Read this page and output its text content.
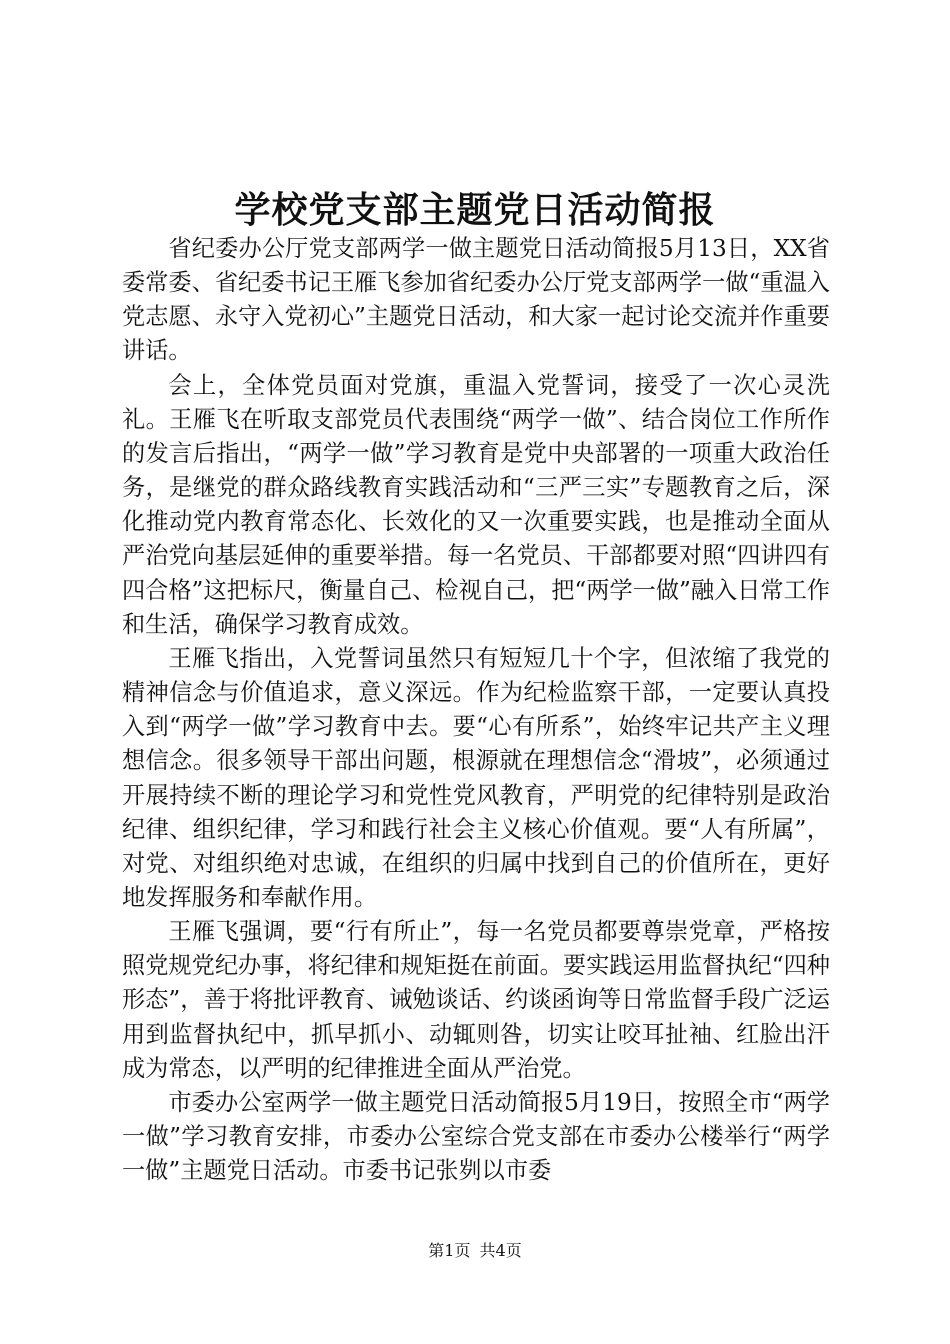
学校党支部主题党日活动简报

省纪委办公厅党支部两学一做主题党日活动简报5月13日，XX省委常委、省纪委书记王雁飞参加省纪委办公厅党支部两学一做“重温入党志愿、永守入党初心”主题党日活动，和大家一起讨论交流并作重要讲话。

会上，全体党员面对党旗，重温入党誓词，接受了一次心灵洗礼。王雁飞在听取支部党员代表围绕“两学一做”、结合岗位工作所作的发言后指出，“两学一做”学习教育是党中央部署的一项重大政治任务，是继党的群众路线教育实践活动和“三严三实”专题教育之后，深化推动党内教育常态化、长效化的又一次重要实践，也是推动全面从严治党向基层延伸的重要举措。每一名党员、干部都要对照“四讲四有四合格”这把标尺，衡量自己、检视自己，把“两学一做”融入日常工作和生活，确保学习教育成效。

王雁飞指出，入党誓词虽然只有短短几十个字，但浓缩了我党的精神信念与价值追求，意义深远。作为纪检监察干部，一定要认真投入到“两学一做”学习教育中去。要“心有所系”，始终牢记共产主义理想信念。很多领导干部出问题，根源就在理想信念“滑坡”，必须通过开展持续不断的理论学习和党性党风教育，严明党的纪律特别是政治纪律、组织纪律，学习和践行社会主义核心价值观。要“人有所属”，对党、对组织绝对忠诚，在组织的归属中找到自己的价值所在，更好地发挥服务和奉献作用。

王雁飞强调，要“行有所止”，每一名党员都要尊崇党章，严格按照党规党纪办事，将纪律和规矩挺在前面。要实践运用监督执纪“四种形态”，善于将批评教育、诫勉谈话、约谈函询等日常监督手段广泛运用到监督执纪中，抓早抓小、动辄则咎，切实让咬耳扯袖、红脸出汗成为常态，以严明的纪律推进全面从严治党。

市委办公室两学一做主题党日活动简报5月19日，按照全市“两学一做”学习教育安排，市委办公室综合党支部在市委办公楼举行“两学一做”主题党日活动。市委书记张刿以市委

第1页 共4页
